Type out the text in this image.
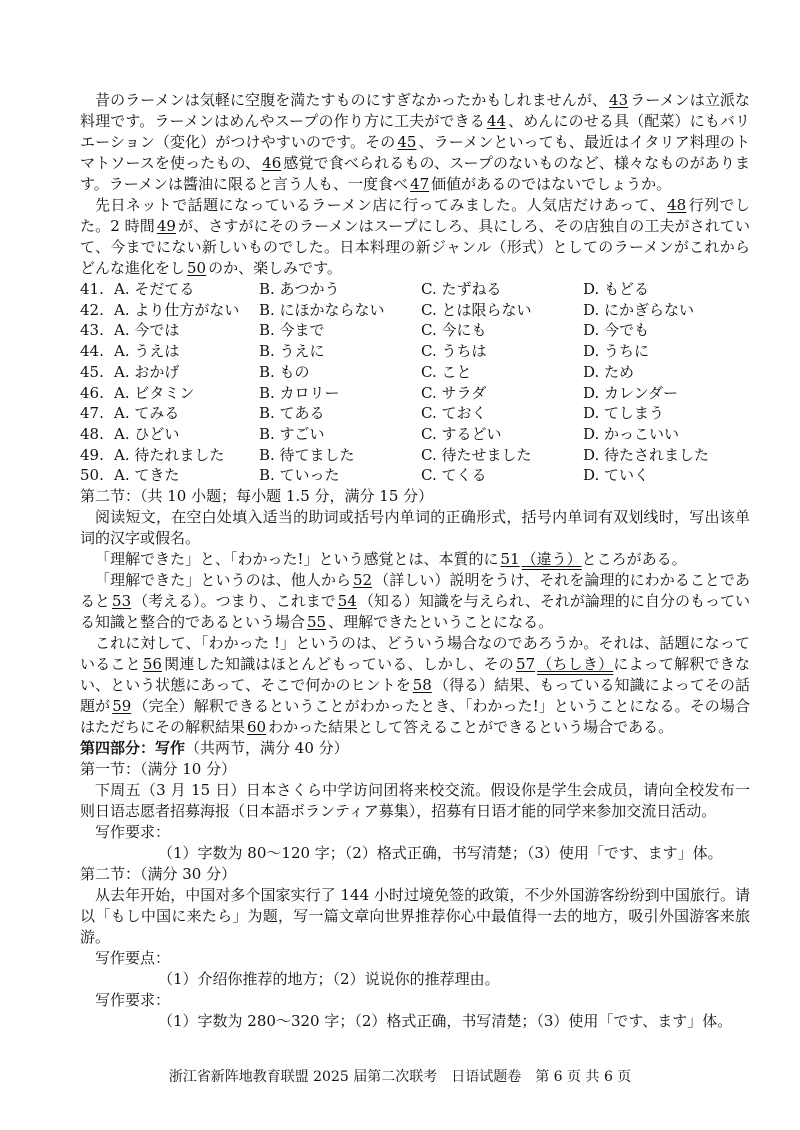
昔のラーメンは気軽に空腹を満たすものにすぎなかったかもしれませんが、 43 ラーメンは立派な料理です。ラーメンはめんやスープの作り方に工夫ができる 44 、めんにのせる具（配菜）にもバリエーション（変化）がつけやすいのです。その 45 、ラーメンといっても、最近はイタリア料理のトマトソースを使ったもの、 46 感覚で食べられるもの、スープのないものなど、様々なものがあります。ラーメンは醬油に限ると言う人も、一度食べ 47 価値があるのではないでしょうか。

先日ネットで話題になっているラーメン店に行ってみました。人気店だけあって、 48 行列でした。2 時間 49 が、さすがにそのラーメンはスープにしろ、具にしろ、その店独自の工夫がされていて、今までにない新しいものでした。日本料理の新ジャンル（形式）としてのラーメンがこれからどんな進化をし 50 のか、楽しみです。

41. A. そだてる	B. あつかう	C. たずねる	D. もどる
42. A. より仕方がない	B. にほかならない	C. とは限らない	D. にかぎらない
43. A. 今では	B. 今まで	C. 今にも	D. 今でも
44. A. うえは	B. うえに	C. うちは	D. うちに
45. A. おかげ	B. もの	C. こと	D. ため
46. A. ビタミン	B. カロリー	C. サラダ	D. カレンダー
47. A. てみる	B. てある	C. ておく	D. てしまう
48. A. ひどい	B. すごい	C. するどい	D. かっこいい
49. A. 待たれました	B. 待てました	C. 待たせました	D. 待たされました
50. A. てきた	B. ていった	C. てくる	D. ていく

第二节：（共 10 小题；每小题 1.5 分，满分 15 分）

阅读短文，在空白处填入适当的助词或括号内单词的正确形式，括号内单词有双划线时，写出该单词的汉字或假名。

「理解できた」と、「わかった!」という感覚とは、本質的に 51 （違う）ところがある。

「理解できた」というのは、他人から 52 （詳しい）説明をうけ、それを論理的にわかることであると 53 （考える）。つまり、これまで 54 （知る）知識を与えられ、それが論理的に自分のもっている知識と整合的であるという場合 55 、理解できたということになる。

これに対して、「わかった !」というのは、どういう場合なのであろうか。それは、話題になっていること 56 関連した知識はほとんどもっている、しかし、その 57 （ちしき）によって解釈できない、という状態にあって、そこで何かのヒントを 58 （得る）結果、もっている知識によってその話題が 59 （完全）解釈できるということがわかったとき、「わかった!」ということになる。その場合はただちにその解釈結果 60 わかった結果として答えることができるという場合である。

第四部分：写作（共两节，满分 40 分）

第一节：（满分 10 分）

下周五（3 月 15 日）日本さくら中学访问团将来校交流。假设你是学生会成员，请向全校发布一则日语志愿者招募海报（日本語ボランティア募集），招募有日语才能的同学来参加交流日活动。

写作要求：

（1）字数为 80～120 字；（2）格式正确，书写清楚；（3）使用「です、ます」体。

第二节：（满分 30 分）

从去年开始，中国对多个国家实行了 144 小时过境免签的政策，不少外国游客纷纷到中国旅行。请以「もし中国に来たら」为题，写一篇文章向世界推荐你心中最值得一去的地方，吸引外国游客来旅游。

写作要点：

（1）介绍你推荐的地方；（2）说说你的推荐理由。

写作要求：

（1）字数为 280～320 字；（2）格式正确，书写清楚；（3）使用「です、ます」体。

浙江省新阵地教育联盟 2025 届第二次联考　日语试题卷　第 6 页 共 6 页
